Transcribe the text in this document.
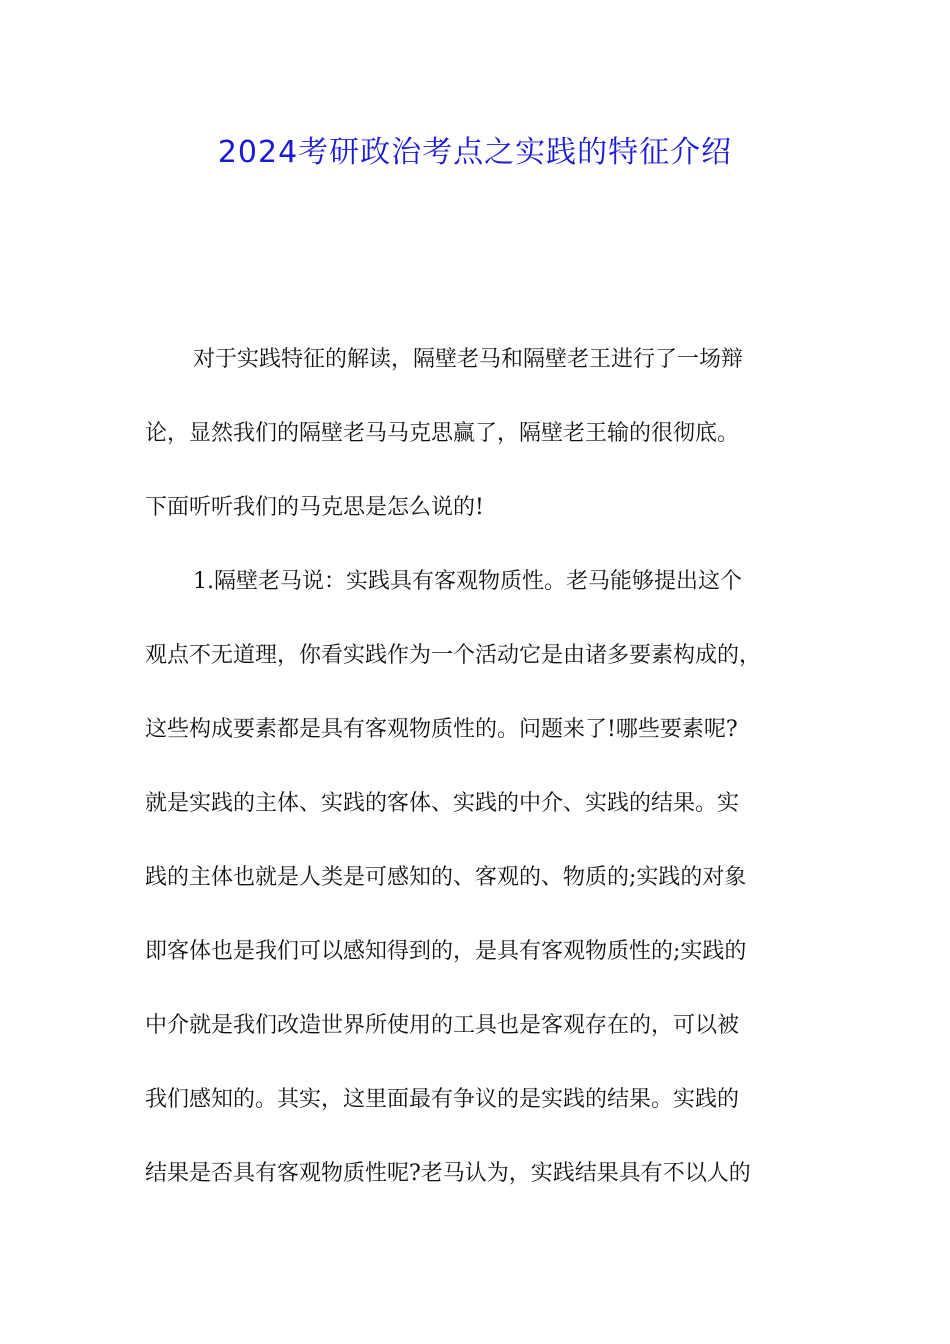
2024考研政治考点之实践的特征介绍

对于实践特征的解读，隔壁老马和隔壁老王进行了一场辩

论，显然我们的隔壁老马马克思赢了，隔壁老王输的很彻底。

下面听听我们的马克思是怎么说的!

1.隔壁老马说：实践具有客观物质性。老马能够提出这个

观点不无道理，你看实践作为一个活动它是由诸多要素构成的，

这些构成要素都是具有客观物质性的。问题来了!哪些要素呢?

就是实践的主体、实践的客体、实践的中介、实践的结果。实

践的主体也就是人类是可感知的、客观的、物质的;实践的对象

即客体也是我们可以感知得到的，是具有客观物质性的;实践的

中介就是我们改造世界所使用的工具也是客观存在的，可以被

我们感知的。其实，这里面最有争议的是实践的结果。实践的

结果是否具有客观物质性呢?老马认为，实践结果具有不以人的
